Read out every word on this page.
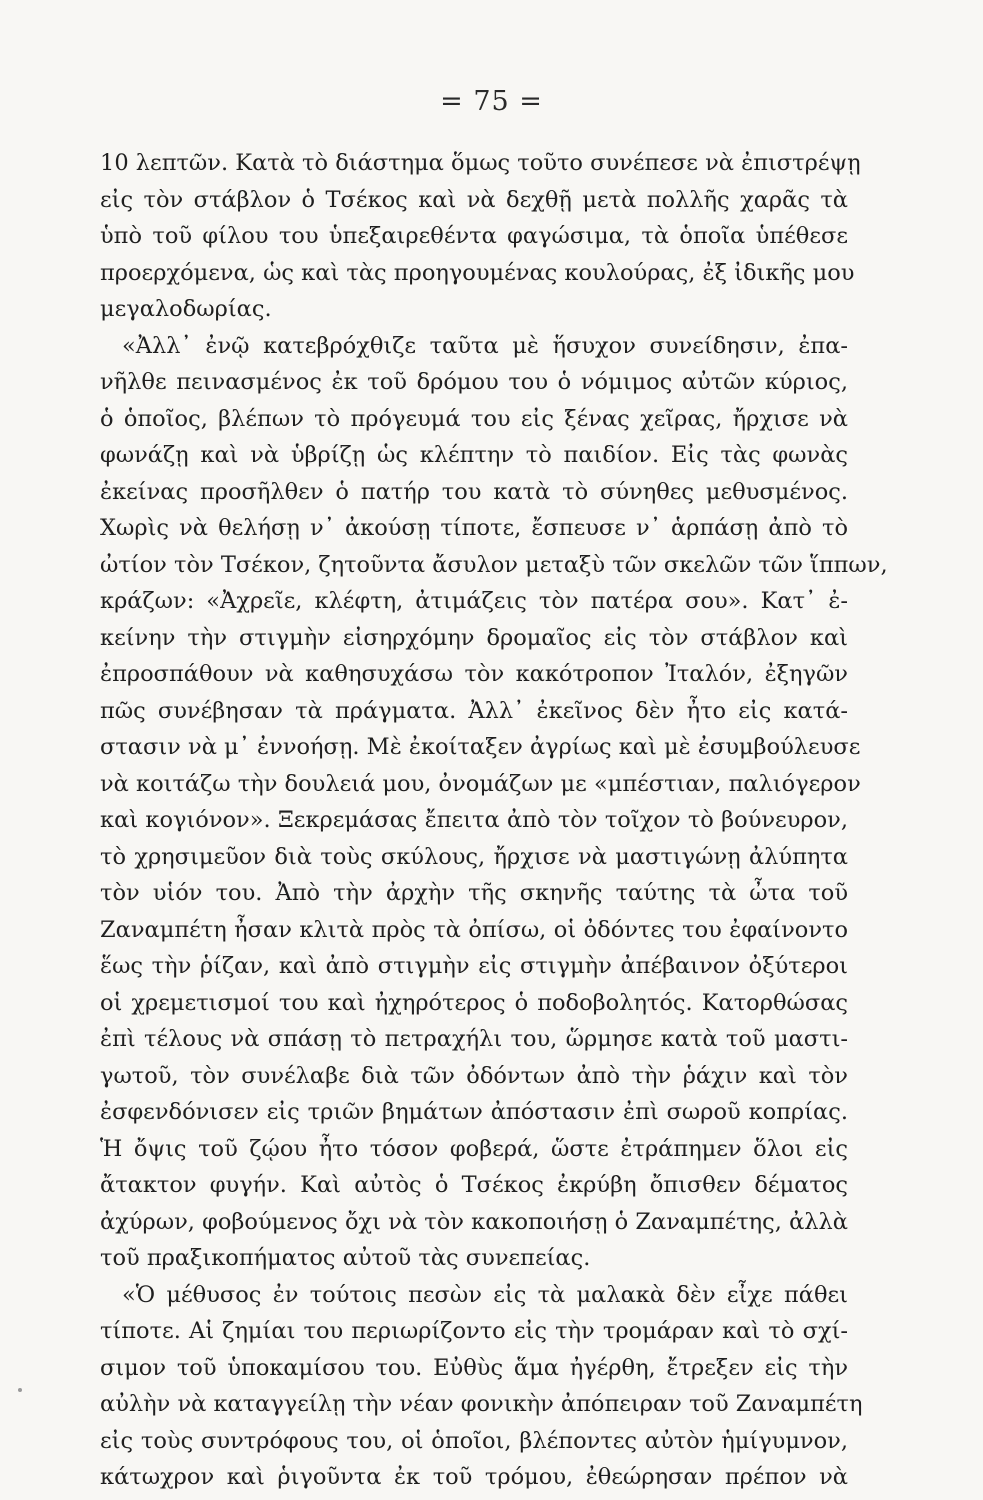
= 75 =
10 λεπτῶν. Κατὰ τὸ διάστημα ὅμως τοῦτο συνέπεσε νὰ ἐπιστρέψῃ
εἰς τὸν στάβλον ὁ Τσέκος καὶ νὰ δεχθῇ μετὰ πολλῆς χαρᾶς τὰ
ὑπὸ τοῦ φίλου του ὑπεξαιρεθέντα φαγώσιμα, τὰ ὁποῖα ὑπέθεσε
προερχόμενα, ὡς καὶ τὰς προηγουμένας κουλούρας, ἐξ ἰδικῆς μου
μεγαλοδωρίας.
«Ἀλλ᾿ ἐνῷ κατεβρόχθιζε ταῦτα μὲ ἥσυχον συνείδησιν, ἐπα-
νῆλθε πεινασμένος ἐκ τοῦ δρόμου του ὁ νόμιμος αὐτῶν κύριος,
ὁ ὁποῖος, βλέπων τὸ πρόγευμά του εἰς ξένας χεῖρας, ἤρχισε νὰ
φωνάζῃ καὶ νὰ ὑβρίζῃ ὡς κλέπτην τὸ παιδίον. Εἰς τὰς φωνὰς
ἐκείνας προσῆλθεν ὁ πατήρ του κατὰ τὸ σύνηθες μεθυσμένος.
Χωρὶς νὰ θελήσῃ ν᾿ ἀκούσῃ τίποτε, ἔσπευσε ν᾿ ἁρπάσῃ ἀπὸ τὸ
ὠτίον τὸν Τσέκον, ζητοῦντα ἄσυλον μεταξὺ τῶν σκελῶν τῶν ἵππων,
κράζων: «Ἀχρεῖε, κλέφτη, ἀτιμάζεις τὸν πατέρα σου». Κατ᾿ ἐ-
κείνην τὴν στιγμὴν εἰσηρχόμην δρομαῖος εἰς τὸν στάβλον καὶ
ἐπροσπάθουν νὰ καθησυχάσω τὸν κακότροπον Ἰταλόν, ἐξηγῶν
πῶς συνέβησαν τὰ πράγματα. Ἀλλ᾿ ἐκεῖνος δὲν ἦτο εἰς κατά-
στασιν νὰ μ᾿ ἐννοήσῃ. Μὲ ἐκοίταξεν ἀγρίως καὶ μὲ ἐσυμβούλευσε
νὰ κοιτάζω τὴν δουλειά μου, ὀνομάζων με «μπέστιαν, παλιόγερον
καὶ κογιόνον». Ξεκρεμάσας ἔπειτα ἀπὸ τὸν τοῖχον τὸ βούνευρον,
τὸ χρησιμεῦον διὰ τοὺς σκύλους, ἤρχισε νὰ μαστιγώνῃ ἀλύπητα
τὸν υἱόν του. Ἀπὸ τὴν ἀρχὴν τῆς σκηνῆς ταύτης τὰ ὦτα τοῦ
Ζαναμπέτη ἦσαν κλιτὰ πρὸς τὰ ὀπίσω, οἱ ὀδόντες του ἐφαίνοντο
ἕως τὴν ῥίζαν, καὶ ἀπὸ στιγμὴν εἰς στιγμὴν ἀπέβαινον ὀξύτεροι
οἱ χρεμετισμοί του καὶ ἠχηρότερος ὁ ποδοβολητός. Κατορθώσας
ἐπὶ τέλους νὰ σπάσῃ τὸ πετραχήλι του, ὥρμησε κατὰ τοῦ μαστι-
γωτοῦ, τὸν συνέλαβε διὰ τῶν ὀδόντων ἀπὸ τὴν ῥάχιν καὶ τὸν
ἐσφενδόνισεν εἰς τριῶν βημάτων ἀπόστασιν ἐπὶ σωροῦ κοπρίας.
Ἡ ὄψις τοῦ ζῴου ἦτο τόσον φοβερά, ὥστε ἐτράπημεν ὅλοι εἰς
ἄτακτον φυγήν. Καὶ αὐτὸς ὁ Τσέκος ἐκρύβη ὄπισθεν δέματος
ἀχύρων, φοβούμενος ὄχι νὰ τὸν κακοποιήσῃ ὁ Ζαναμπέτης, ἀλλὰ
τοῦ πραξικοπήματος αὐτοῦ τὰς συνεπείας.
«Ὁ μέθυσος ἐν τούτοις πεσὼν εἰς τὰ μαλακὰ δὲν εἶχε πάθει
τίποτε. Αἱ ζημίαι του περιωρίζοντο εἰς τὴν τρομάραν καὶ τὸ σχί-
σιμον τοῦ ὑποκαμίσου του. Εὐθὺς ἅμα ἠγέρθη, ἔτρεξεν εἰς τὴν
αὐλὴν νὰ καταγγείλῃ τὴν νέαν φονικὴν ἀπόπειραν τοῦ Ζαναμπέτη
εἰς τοὺς συντρόφους του, οἱ ὁποῖοι, βλέποντες αὐτὸν ἡμίγυμνον,
κάτωχρον καὶ ῥιγοῦντα ἐκ τοῦ τρόμου, ἐθεώρησαν πρέπον νὰ
